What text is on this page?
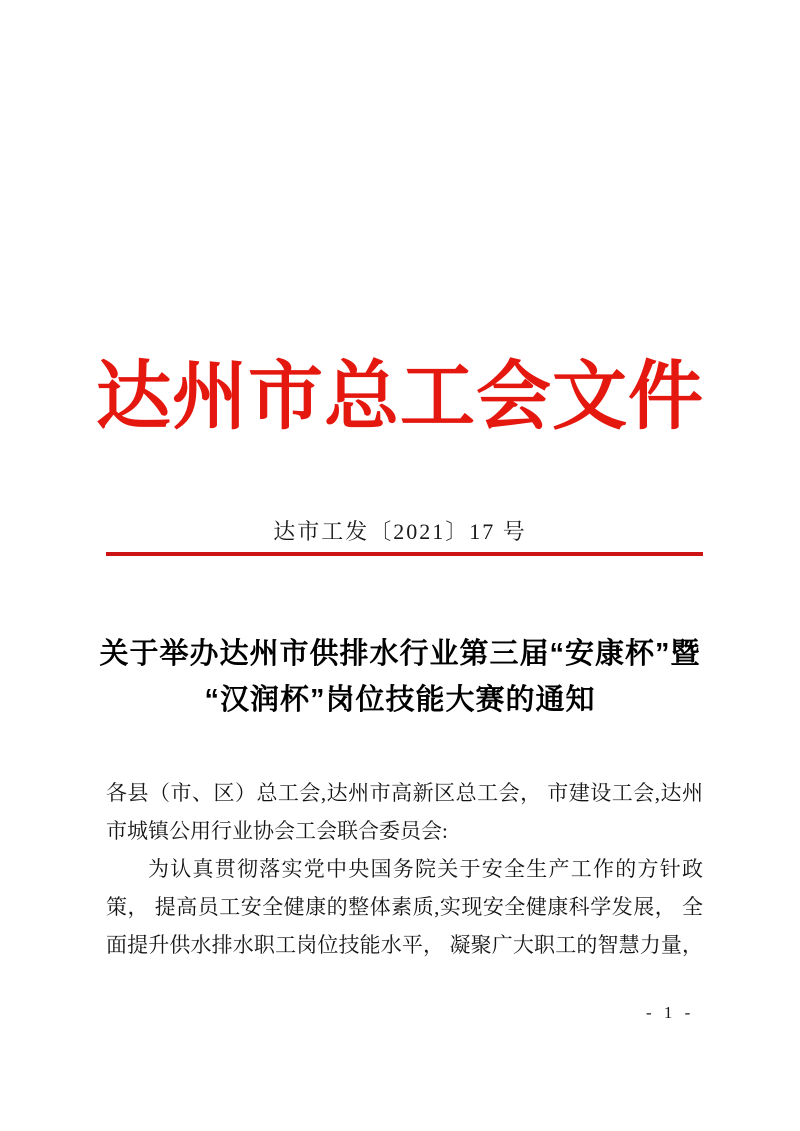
达州市总工会文件
达市工发〔2021〕17 号
关于举办达州市供排水行业第三届“安康杯”暨
“汉润杯”岗位技能大赛的通知
各县（市、区）总工会,达州市高新区总工会， 市建设工会,达州
市城镇公用行业协会工会联合委员会:
为认真贯彻落实党中央国务院关于安全生产工作的方针政
策， 提高员工安全健康的整体素质,实现安全健康科学发展， 全
面提升供水排水职工岗位技能水平， 凝聚广大职工的智慧力量，
- 1 -
